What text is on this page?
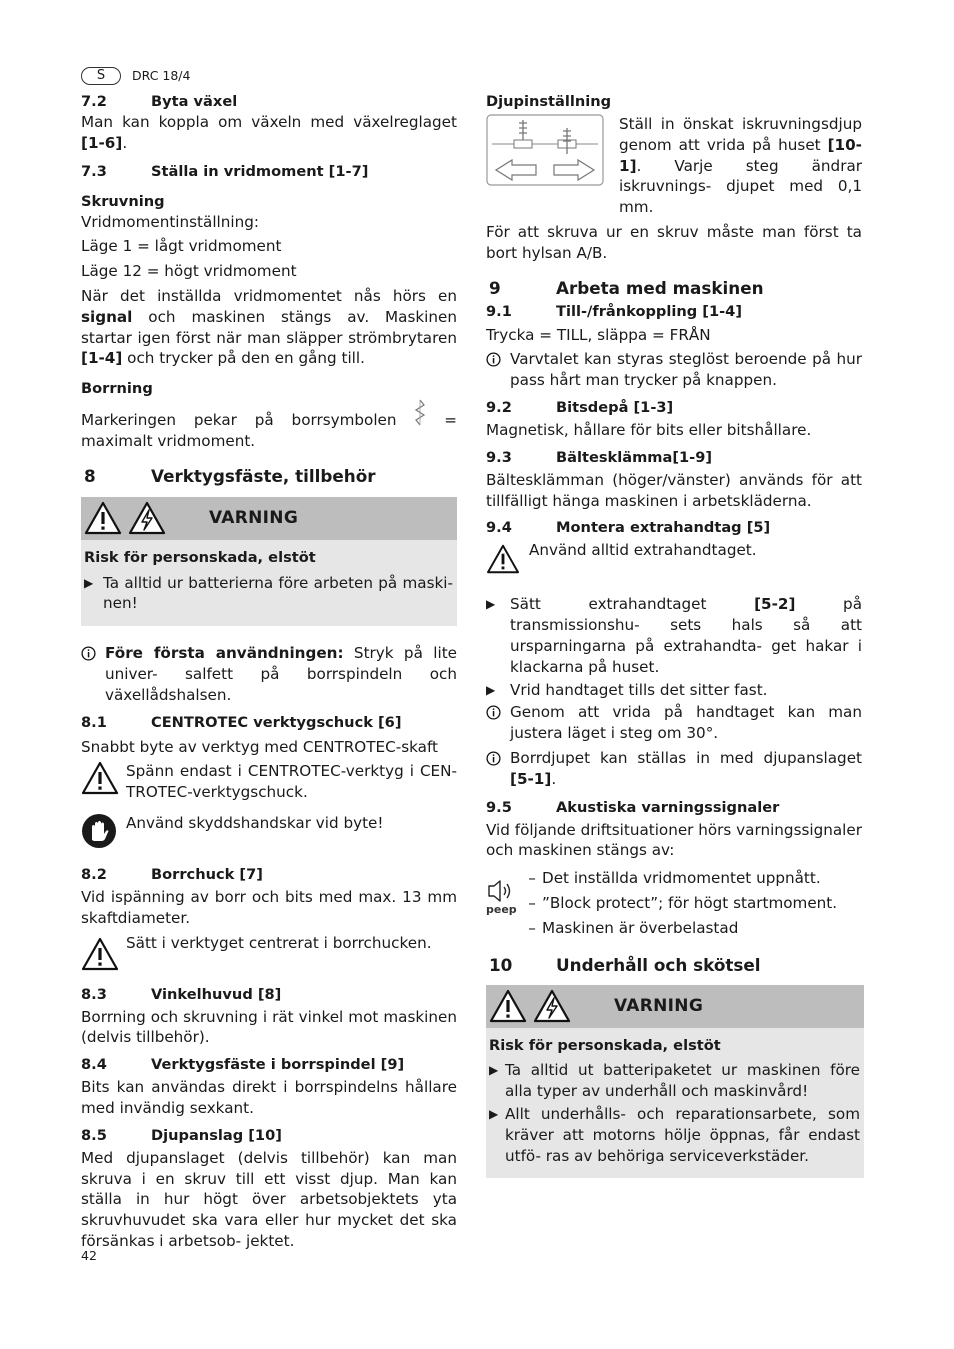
S	DRC 18/4
7.2	Byta växel

Man kan koppla om växeln med växelreglaget [1-6].

7.3	Ställa in vridmoment [1-7]
Skruvning

Vridmomentinställning:

Läge 1 = lågt vridmoment

Läge 12 = högt vridmoment

När det inställda vridmomentet nås hörs en signal och maskinen stängs av. Maskinen startar igen först när man släpper strömbrytaren [1-4] och trycker på den en gång till.

Borrning

Markeringen pekar på borrsymbolen
= maximalt vridmoment.

8	Verktygsfäste, tillbehör
VARNING
Risk för personskada, elstöt
▶ Ta alltid ur batterierna före arbeten på maski- nen!
Före första användningen: Stryk på lite univer- salfett på borrspindeln och växellådshalsen.
8.1	CENTROTEC verktygschuck [6]

Snabbt byte av verktyg med CENTROTEC-skaft

Spänn endast i CENTROTEC-verktyg i CEN- TROTEC-verktygschuck.
Använd skyddshandskar vid byte!
8.2	Borrchuck [7]

Vid ispänning av borr och bits med max. 13 mm skaftdiameter.

Sätt i verktyget centrerat i borrchucken.
8.3	Vinkelhuvud [8]

Borrning och skruvning i rät vinkel mot maskinen (delvis tillbehör).

8.4	Verktygsfäste i borrspindel [9]

Bits kan användas direkt i borrspindelns hållare med invändig sexkant.

8.5	Djupanslag [10]

Med djupanslaget (delvis tillbehör) kan man skruva i en skruv till ett visst djup. Man kan ställa in hur högt över arbetsobjektets yta skruvhuvudet ska vara eller hur mycket det ska försänkas i arbetsob- jektet.

Djupinställning

Ställ in önskat iskruvningsdjup genom att vrida på huset [10-1]. Varje steg ändrar iskruvnings- djupet med 0,1 mm.

För att skruva ur en skruv måste man först ta bort hylsan A/B.

9	Arbeta med maskinen
9.1	Till-/frånkoppling [1-4]

Trycka = TILL, släppa = FRÅN

Varvtalet kan styras steglöst beroende på hur pass hårt man trycker på knappen.
9.2	Bitsdepå [1-3]

Magnetisk, hållare för bits eller bitshållare.

9.3	Bältesklämma[1-9]

Bältesklämman (höger/vänster) används för att tillfälligt hänga maskinen i arbetskläderna.

9.4	Montera extrahandtag [5]
Använd alltid extrahandtaget.
▶ Sätt extrahandtaget [5-2] på transmissionshu- sets hals så att ursparningarna på extrahandta- get hakar i klackarna på huset.
▶ Vrid handtaget tills det sitter fast.
Genom att vrida på handtaget kan man justera läget i steg om 30°.
Borrdjupet kan ställas in med djupanslaget [5-1].
9.5	Akustiska varningssignaler

Vid följande driftsituationer hörs varningssignaler och maskinen stängs av:

peep
– Det inställda vridmomentet uppnått.
– ”Block protect”; för högt startmoment.
– Maskinen är överbelastad
10	Underhåll och skötsel
VARNING
Risk för personskada, elstöt
▶ Ta alltid ut batteripaketet ur maskinen före alla typer av underhåll och maskinvård!
▶ Allt underhålls- och reparationsarbete, som kräver att motorns hölje öppnas, får endast utfö- ras av behöriga serviceverkstäder.
42
